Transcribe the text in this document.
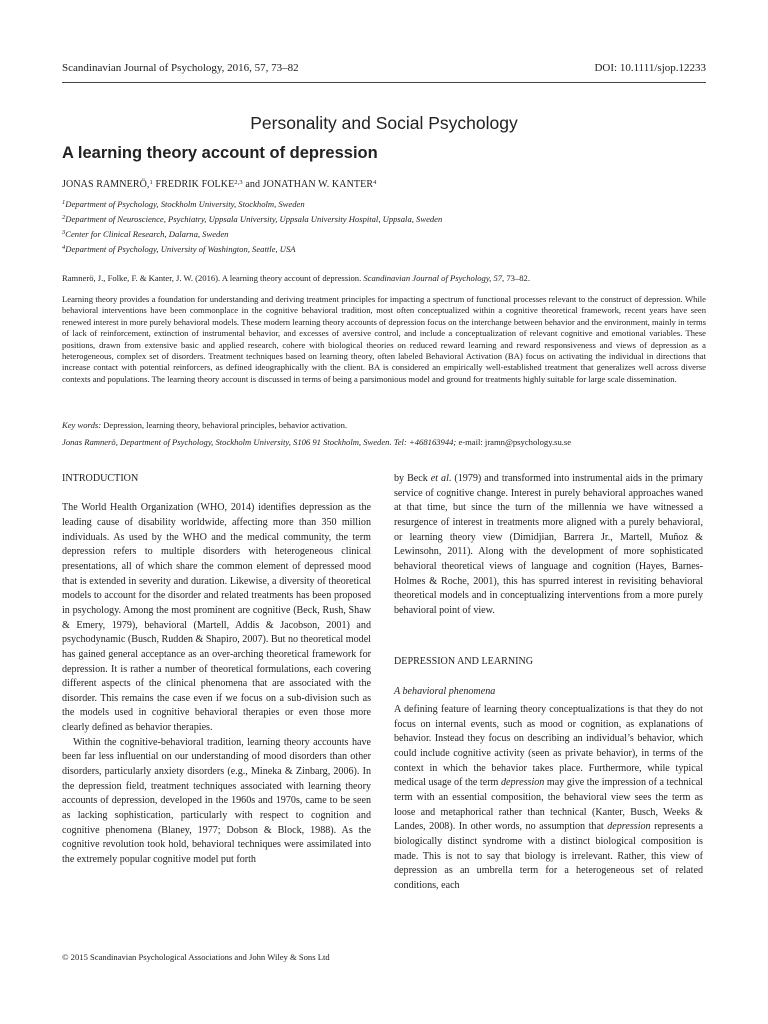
Scandinavian Journal of Psychology, 2016, 57, 73–82	DOI: 10.1111/sjop.12233
Personality and Social Psychology
A learning theory account of depression
JONAS RAMNERÖ,$^1$ FREDRIK FOLKE$^{2,3}$ and JONATHAN W. KANTER$^4$
$^1$Department of Psychology, Stockholm University, Stockholm, Sweden
$^2$Department of Neuroscience, Psychiatry, Uppsala University, Uppsala University Hospital, Uppsala, Sweden
$^3$Center for Clinical Research, Dalarna, Sweden
$^4$Department of Psychology, University of Washington, Seattle, USA
Ramnerö, J., Folke, F. & Kanter, J. W. (2016). A learning theory account of depression. Scandinavian Journal of Psychology, 57, 73–82.

Learning theory provides a foundation for understanding and deriving treatment principles for impacting a spectrum of functional processes relevant to the construct of depression. While behavioral interventions have been commonplace in the cognitive behavioral tradition, most often conceptualized within a cognitive theoretical framework, recent years have seen renewed interest in more purely behavioral models. These modern learning theory accounts of depression focus on the interchange between behavior and the environment, mainly in terms of lack of reinforcement, extinction of instrumental behavior, and excesses of aversive control, and include a conceptualization of relevant cognitive and emotional variables. These positions, drawn from extensive basic and applied research, cohere with biological theories on reduced reward learning and reward responsiveness and views of depression as a heterogeneous, complex set of disorders. Treatment techniques based on learning theory, often labeled Behavioral Activation (BA) focus on activating the individual in directions that increase contact with potential reinforcers, as defined ideographically with the client. BA is considered an empirically well-established treatment that generalizes well across diverse contexts and populations. The learning theory account is discussed in terms of being a parsimonious model and ground for treatments highly suitable for large scale dissemination.

Key words: Depression, learning theory, behavioral principles, behavior activation.
Jonas Ramnerö, Department of Psychology, Stockholm University, S106 91 Stockholm, Sweden. Tel: +468163944; e-mail: jramn@psychology.su.se
INTRODUCTION

The World Health Organization (WHO, 2014) identifies depression as the leading cause of disability worldwide, affecting more than 350 million individuals. As used by the WHO and the medical community, the term depression refers to multiple disorders with heterogeneous clinical presentations, all of which share the common element of depressed mood that is extended in severity and duration. Likewise, a diversity of theoretical models to account for the disorder and related treatments has been proposed in psychology. Among the most prominent are cognitive (Beck, Rush, Shaw & Emery, 1979), behavioral (Martell, Addis & Jacobson, 2001) and psychodynamic (Busch, Rudden & Shapiro, 2007). But no theoretical model has gained general acceptance as an over-arching theoretical framework for depression. It is rather a number of theoretical formulations, each covering different aspects of the clinical phenomena that are associated with the disorder. This remains the case even if we focus on a sub-division such as the models used in cognitive behavioral therapies or even those more clearly defined as behavior therapies.

Within the cognitive-behavioral tradition, learning theory accounts have been far less influential on our understanding of mood disorders than other disorders, particularly anxiety disorders (e.g., Mineka & Zinbarg, 2006). In the depression field, treatment techniques associated with learning theory accounts of depression, developed in the 1960s and 1970s, came to be seen as lacking sophistication, particularly with respect to cognition and cognitive phenomena (Blaney, 1977; Dobson & Block, 1988). As the cognitive revolution took hold, behavioral techniques were assimilated into the extremely popular cognitive model put forth

by Beck et al. (1979) and transformed into instrumental aids in the primary service of cognitive change. Interest in purely behavioral approaches waned at that time, but since the turn of the millennia we have witnessed a resurgence of interest in treatments more aligned with a purely behavioral, or learning theory view (Dimidjian, Barrera Jr., Martell, Muñoz & Lewinsohn, 2011). Along with the development of more sophisticated behavioral theoretical views of language and cognition (Hayes, Barnes-Holmes & Roche, 2001), this has spurred interest in revisiting behavioral theoretical models and in conceptualizing interventions from a more purely behavioral point of view.

DEPRESSION AND LEARNING
A behavioral phenomena

A defining feature of learning theory conceptualizations is that they do not focus on internal events, such as mood or cognition, as explanations of behavior. Instead they focus on describing an individual’s behavior, which could include cognitive activity (seen as private behavior), in terms of the context in which the behavior takes place. Furthermore, while typical medical usage of the term depression may give the impression of a technical term with an essential composition, the behavioral view sees the term as loose and metaphorical rather than technical (Kanter, Busch, Weeks & Landes, 2008). In other words, no assumption that depression represents a biologically distinct syndrome with a distinct biological composition is made. This is not to say that biology is irrelevant. Rather, this view of depression as an umbrella term for a heterogeneous set of related conditions, each

© 2015 Scandinavian Psychological Associations and John Wiley & Sons Ltd
